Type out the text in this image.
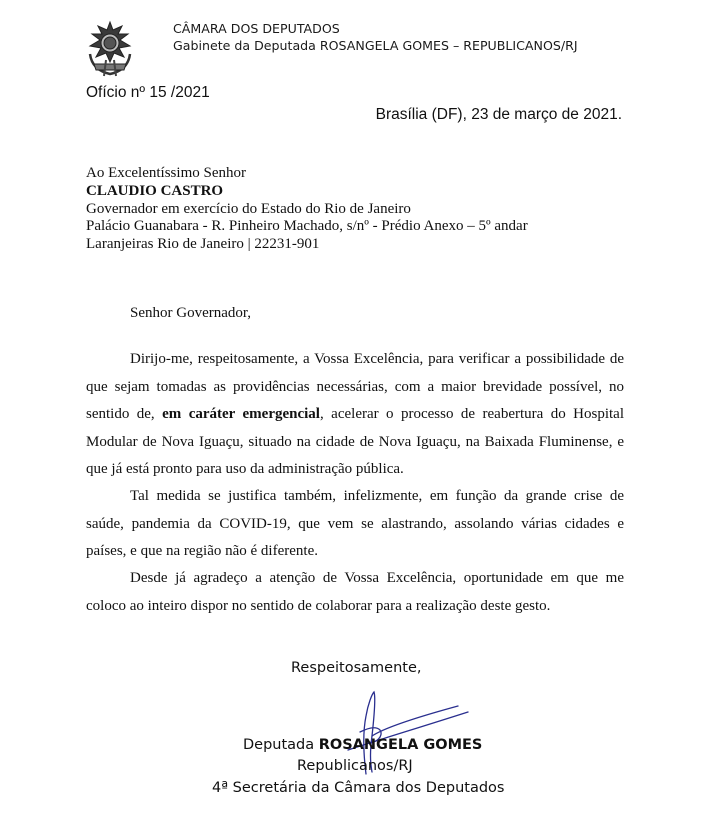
CÂMARA DOS DEPUTADOS
Gabinete da Deputada ROSANGELA GOMES – REPUBLICANOS/RJ
Ofício nº 15 /2021
Brasília (DF), 23 de março de 2021.
Ao Excelentíssimo Senhor
CLAUDIO CASTRO
Governador em exercício do Estado do Rio de Janeiro
Palácio Guanabara - R. Pinheiro Machado, s/nº - Prédio Anexo – 5º andar
Laranjeiras Rio de Janeiro | 22231-901
Senhor Governador,

Dirijo-me, respeitosamente, a Vossa Excelência, para verificar a possibilidade de que sejam tomadas as providências necessárias, com a maior brevidade possível, no sentido de, em caráter emergencial, acelerar o processo de reabertura do Hospital Modular de Nova Iguaçu, situado na cidade de Nova Iguaçu, na Baixada Fluminense, e que já está pronto para uso da administração pública.

Tal medida se justifica também, infelizmente, em função da grande crise de saúde, pandemia da COVID-19, que vem se alastrando, assolando várias cidades e países, e que na região não é diferente.

Desde já agradeço a atenção de Vossa Excelência, oportunidade em que me coloco ao inteiro dispor no sentido de colaborar para a realização deste gesto.

Respeitosamente,
Deputada ROSANGELA GOMES
Republicanos/RJ
4ª Secretária da Câmara dos Deputados
